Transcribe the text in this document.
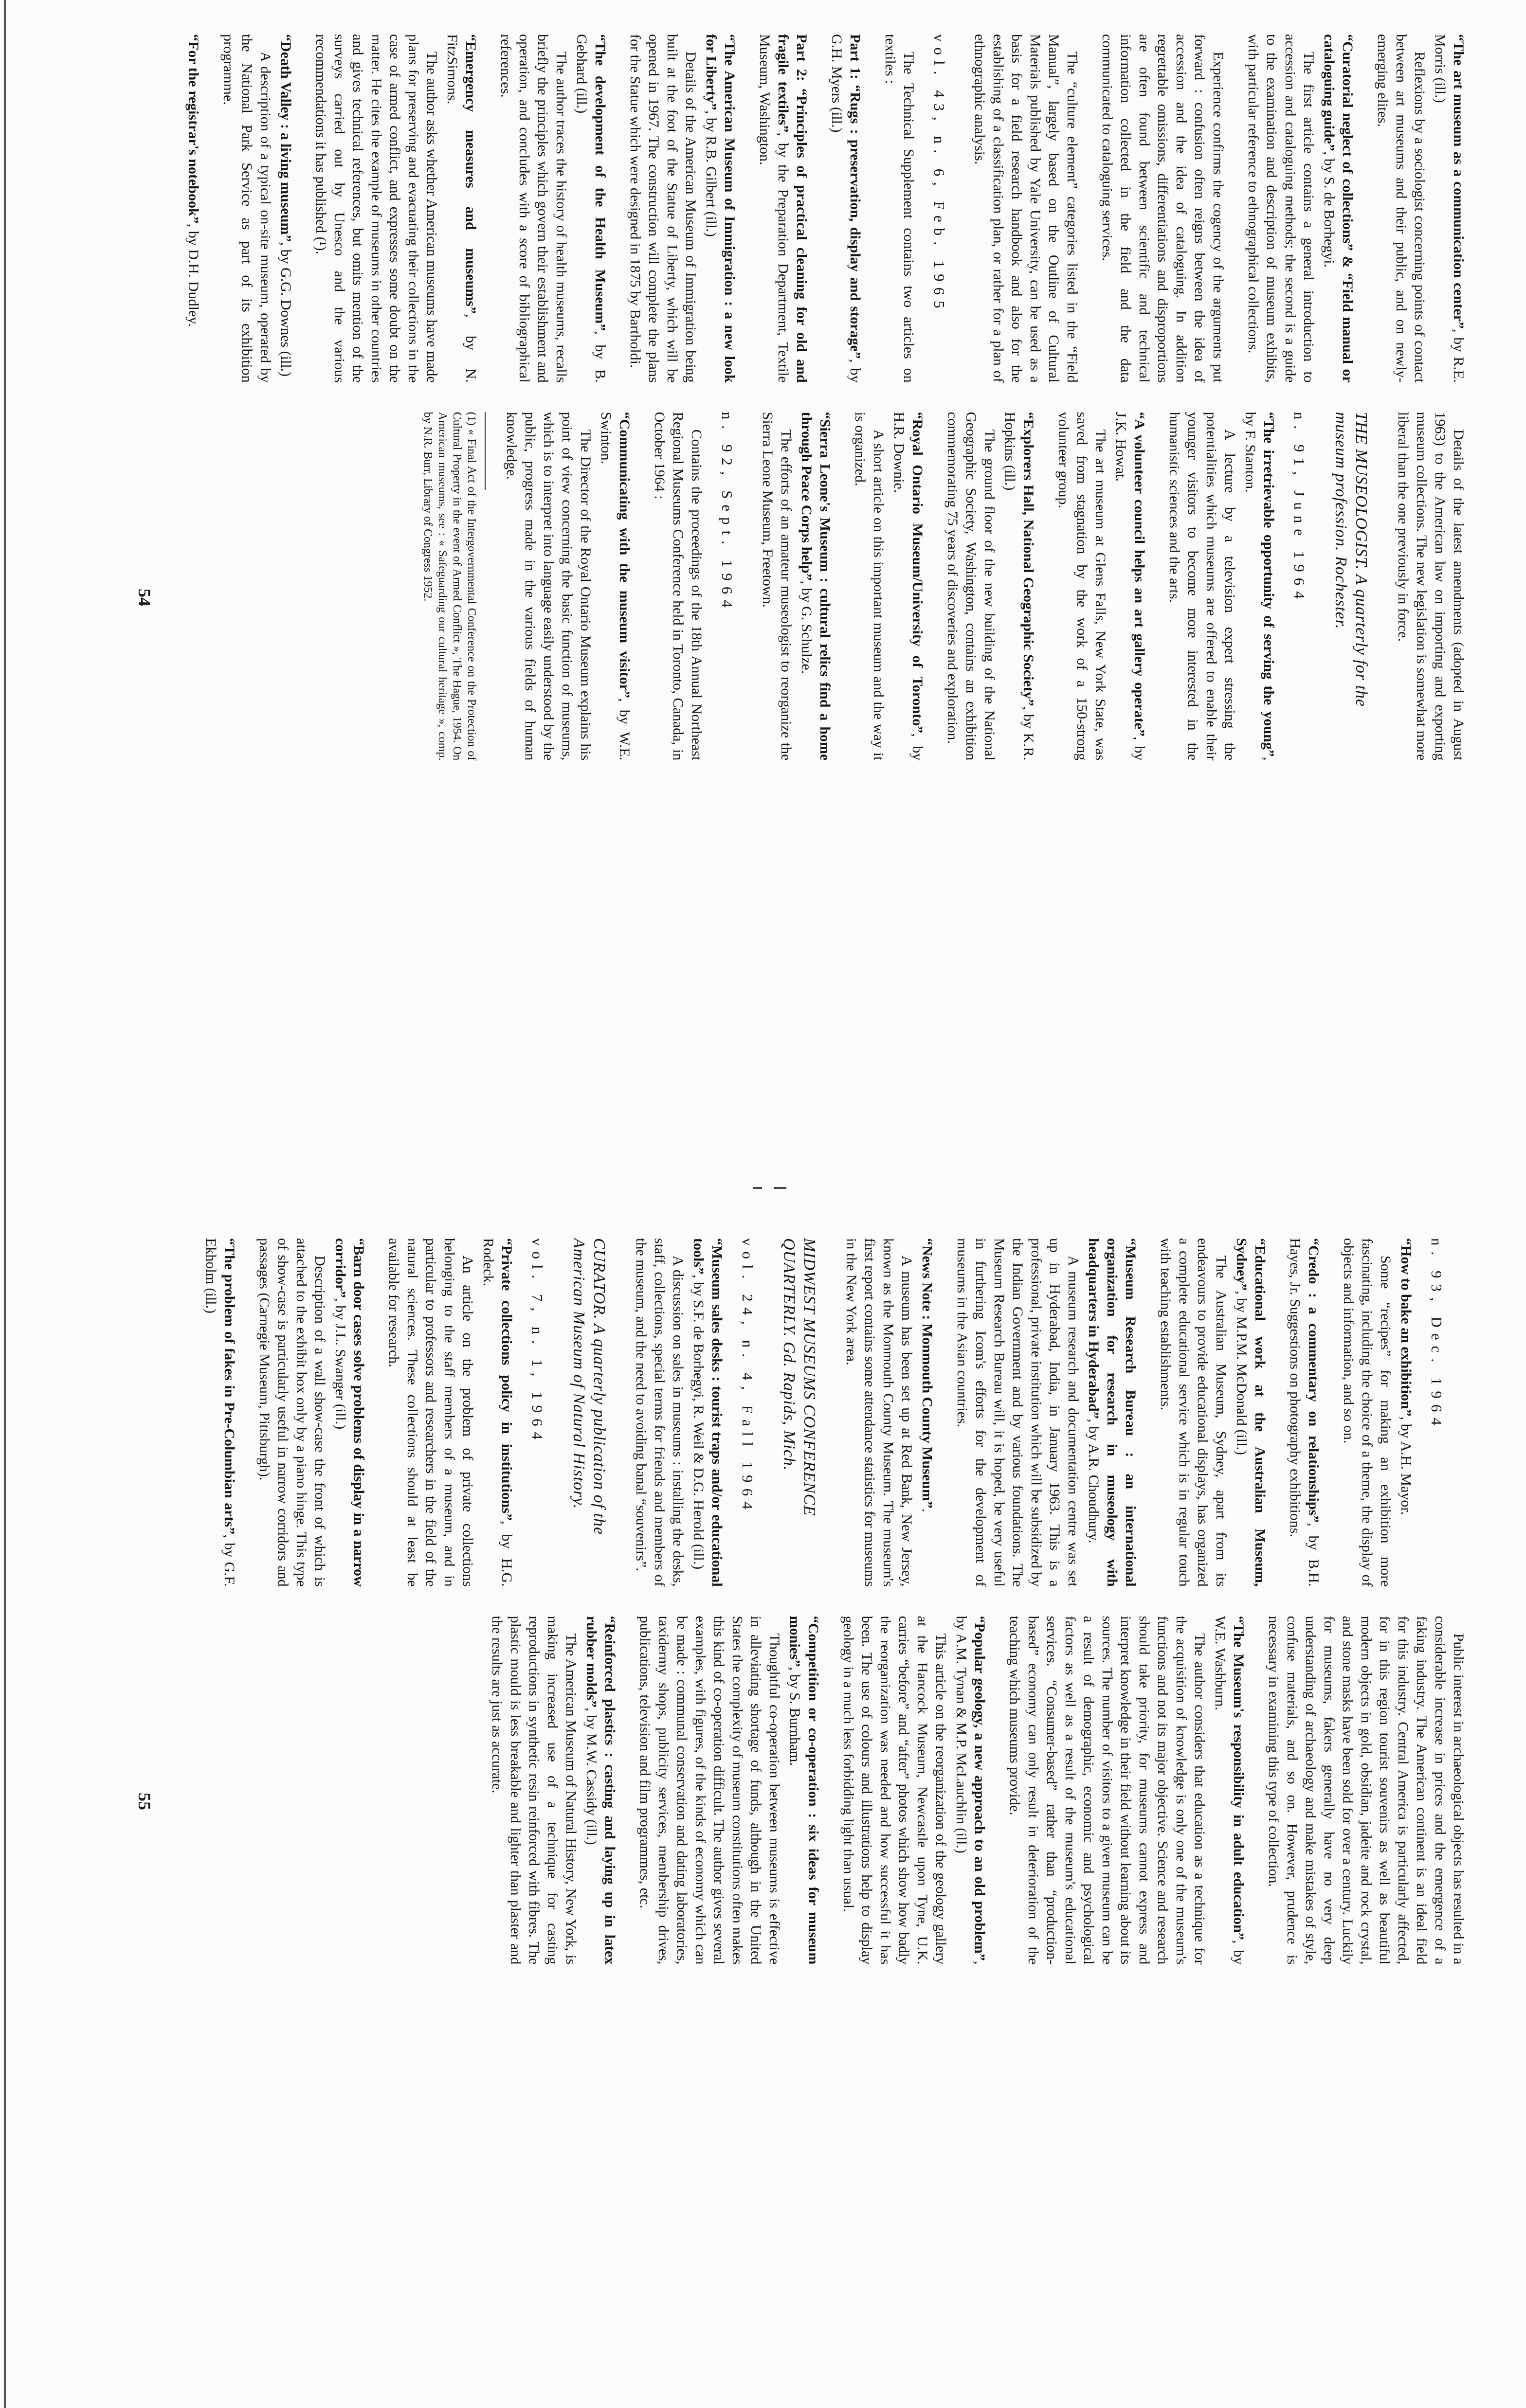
“The art museum as a communication center”, by R.E. Morris (ill.)

Reflexions by a sociologist concerning points of contact between art museums and their public, and on newly-emerging elites.

“Curatorial neglect of collections” & “Field manual or cataloguing guide”, by S. de Borhegyi.

The first article contains a general introduction to accession and cataloguing methods; the second is a guide to the examination and description of museum exhibits, with particular reference to ethnographical collections.

Experience confirms the cogency of the arguments put forward : confusion often reigns between the idea of accession and the idea of cataloguing. In addition regrettable omissions, differentiations and disproportions are often found between scientific and technical information collected in the field and the data communicated to cataloguing services.

The “culture element” categories listed in the “Field Manual”, largely based on the Outline of Cultural Materials published by Yale University, can be used as a basis for a field research handbook and also for the establishing of a classification plan, or rather for a plan of ethnographic analysis.

vol. 43, n. 6, Feb. 1965

The Technical Supplement contains two articles on textiles :

Part 1: “Rugs : preservation, display and storage”, by G.H. Myers (ill.)

Part 2: “Principles of practical cleaning for old and fragile textiles”, by the Preparation Department, Textile Museum, Washington.

“The American Museum of Immigration : a new look for Liberty”, by R.B. Gilbert (ill.)

Details of the American Museum of Immigration being built at the foot of the Statue of Liberty, which will be opened in 1967. The construction will complete the plans for the Statue which were designed in 1875 by Bartholdi.

“The development of the Health Museum”, by B. Gebhard (ill.)

The author traces the history of health museums, recalls briefly the principles which govern their establishment and operation, and concludes with a score of bibliographical references.

“Emergency measures and museums”, by N. FitzSimons.

The author asks whether American museums have made plans for preserving and evacuating their collections in the case of armed conflict, and expresses some doubt on the matter. He cites the example of museums in other countries and gives technical references, but omits mention of the surveys carried out by Unesco and the various recommendations it has published (¹).

“Death Valley : a living museum”, by G.G. Downes (ill.)

A description of a typical on-site museum, operated by the National Park Service as part of its exhibition programme.

“For the registrar's notebook”, by D.H. Dudley.

Details of the latest amendments (adopted in August 1963) to the American law on importing and exporting museum collections. The new legislation is somewhat more liberal than the one previously in force.

THE MUSEOLOGIST. A quarterly for the museum profession. Rochester.
n. 91, June 1964

“The irretrievable opportunity of serving the young”, by F. Stanton.

A lecture by a television expert stressing the potentialities which museums are offered to enable their younger visitors to become more interested in the humanistic sciences and the arts.

“A volunteer council helps an art gallery operate”, by J.K. Howat.

The art museum at Glens Falls, New York State, was saved from stagnation by the work of a 150-strong volunteer group.

“Explorers Hall, National Geographic Society”, by K.R. Hopkins (ill.)

The ground floor of the new building of the National Geographic Society, Washington, contains an exhibition commemorating 75 years of discoveries and exploration.

“Royal Ontario Museum/University of Toronto”, by H.R. Downie.

A short article on this important museum and the way it is organized.

“Sierra Leone's Museum : cultural relics find a home through Peace Corps help”, by G. Schulze.

The efforts of an amateur museologist to reorganize the Sierra Leone Museum, Freetown.

n. 92, Sept. 1964

Contains the proceedings of the 18th Annual Northeast Regional Museums Conference held in Toronto, Canada, in October 1964 :

“Communicating with the museum visitor”, by W.E. Swinton.

The Director of the Royal Ontario Museum explains his point of view concerning the basic function of museums, which is to interpret into language easily understood by the public, progress made in the various fields of human knowledge.

(1) « Final Act of the Intergovernmental Conference on the Protection of Cultural Property in the event of Armed Conflict », The Hague, 1954. On American museums, see : « Safeguarding our cultural heritage », comp. by N.R. Burr, Library of Congress 1952.

54
n. 93, Dec. 1964

“How to bake an exhibition”, by A.H. Mayor.

Some “recipes” for making an exhibition more fascinating, including the choice of a theme, the display of objects and information, and so on.

“Credo : a commentary on relationships”, by B.H. Hayes, Jr. Suggestions on photography exhibitions.

“Educational work at the Australian Museum, Sydney”, by M.P.M. McDonald (ill.)

The Australian Museum, Sydney, apart from its endeavours to provide educational displays, has organized a complete educational service which is in regular touch with teaching establishments.

“Museum Research Bureau : an international organization for research in museology with headquarters in Hyderabad”, by A.R. Choudhury.

A museum research and documentation centre was set up in Hyderabad, India, in January 1963. This is a professional, private institution which will be subsidized by the Indian Government and by various foundations. The Museum Research Bureau will, it is hoped, be very useful in furthering Icom's efforts for the development of museums in the Asian countries.

“News Note : Monmouth County Museum”.

A museum has been set up at Red Bank, New Jersey, known as the Monmouth County Museum. The museum's first report contains some attendance statistics for museums in the New York area.

MIDWEST MUSEUMS CONFERENCE QUARTERLY. Gd. Rapids, Mich.
vol. 24, n. 4, Fall 1964

“Museum sales desks : tourist traps and/or educational tools”, by S.F. de Borhegyi, R. Weil & D.G. Herold (ill.)

A discussion on sales in museums : installing the desks, staff, collections, special terms for friends and members of the museum, and the need to avoiding banal “souvenirs”.

CURATOR. A quarterly publication of the American Museum of Natural History.
vol. 7, n. 1, 1964

“Private collections policy in institutions”, by H.G. Rodeck.

An article on the problem of private collections belonging to the staff members of a museum, and in particular to professors and researchers in the field of the natural sciences. These collections should at least be available for research.

“Barn door cases solve problems of display in a narrow corridor”, by J.L. Swanger (ill.)

Description of a wall show-case the front of which is attached to the exhibit box only by a piano hinge. This type of show-case is particularly useful in narrow corridors and passages (Carnegie Museum, Pittsburgh).

“The problem of fakes in Pre-Columbian arts”, by G.F. Ekholm (ill.)

Public interest in archaeological objects has resulted in a considerable increase in prices and the emergence of a faking industry. The American continent is an ideal field for this industry. Central America is particularly affected, for in this region tourist souvenirs as well as beautiful modern objects in gold, obsidian, jadeite and rock crystal, and stone masks have been sold for over a century. Luckily for museums, fakers generally have no very deep understanding of archaeology and make mistakes of style, confuse materials, and so on. However, prudence is necessary in examining this type of collection.

“The Museum's responsibility in adult education”, by W.E. Washburn.

The author considers that education as a technique for the acquisition of knowledge is only one of the museum's functions and not its major objective. Science and research should take priority, for museums cannot express and interpret knowledge in their field without learning about its sources. The number of visitors to a given museum can be a result of demographic, economic and psychological factors as well as a result of the museum's educational services. “Consumer-based” rather than “production-based” economy can only result in deterioration of the teaching which museums provide.

“Popular geology, a new approach to an old problem”, by A.M. Tynan & M.P. McLauchlin (ill.)

This article on the reorganization of the geology gallery at the Hancock Museum, Newcastle upon Tyne, U.K. carries “before” and “after” photos which show how badly the reorganization was needed and how successful it has been. The use of colours and illustrations help to display geology in a much less forbidding light than usual.

“Competition or co-operation : six ideas for museum monies”, by S. Burnham.

Thoughtful co-operation between museums is effective in alleviating shortage of funds, although in the United States the complexity of museum constitutions often makes this kind of co-operation difficult. The author gives several examples, with figures, of the kinds of economy which can be made : communal conservation and dating laboratories, taxidermy shops, publicity services, membership drives, publications, television and film programmes, etc.

“Reinforced plastics : casting and laying up in latex rubber molds”, by M.W. Cassidy (ill.)

The American Museum of Natural History, New York, is making increased use of a technique for casting reproductions in synthetic resin reinforced with fibres. The plastic mould is less breakable and lighter than plaster and the results are just as accurate.

55
